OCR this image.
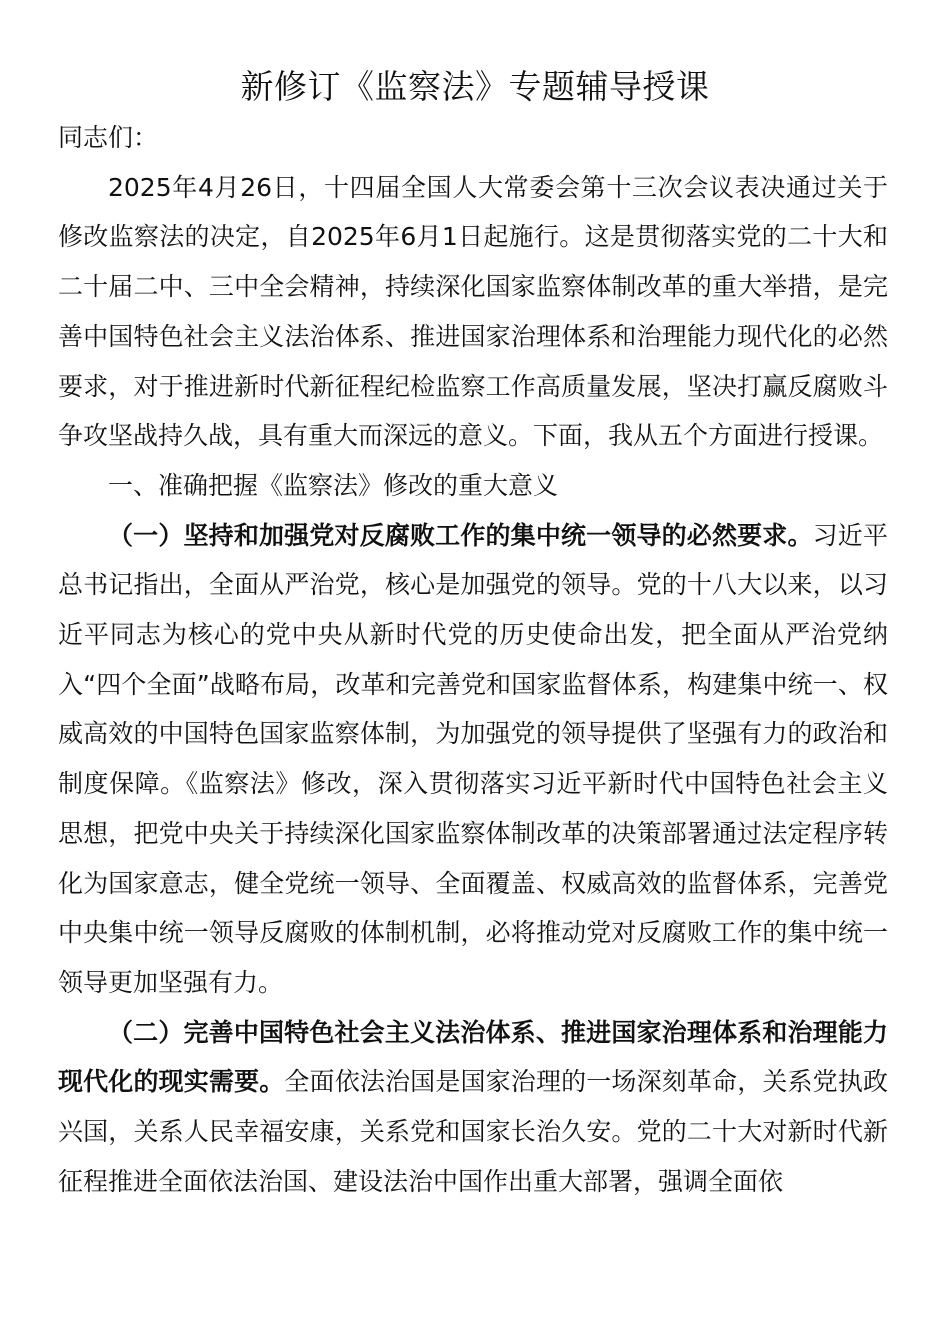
新修订《监察法》专题辅导授课

同志们：

2025年4月26日，十四届全国人大常委会第十三次会议表决通过关于修改监察法的决定，自2025年6月1日起施行。这是贯彻落实党的二十大和二十届二中、三中全会精神，持续深化国家监察体制改革的重大举措，是完善中国特色社会主义法治体系、推进国家治理体系和治理能力现代化的必然要求，对于推进新时代新征程纪检监察工作高质量发展，坚决打赢反腐败斗争攻坚战持久战，具有重大而深远的意义。下面，我从五个方面进行授课。

一、准确把握《监察法》修改的重大意义

（一）坚持和加强党对反腐败工作的集中统一领导的必然要求。习近平总书记指出，全面从严治党，核心是加强党的领导。党的十八大以来，以习近平同志为核心的党中央从新时代党的历史使命出发，把全面从严治党纳入“四个全面”战略布局，改革和完善党和国家监督体系，构建集中统一、权威高效的中国特色国家监察体制，为加强党的领导提供了坚强有力的政治和制度保障。《监察法》修改，深入贯彻落实习近平新时代中国特色社会主义思想，把党中央关于持续深化国家监察体制改革的决策部署通过法定程序转化为国家意志，健全党统一领导、全面覆盖、权威高效的监督体系，完善党中央集中统一领导反腐败的体制机制，必将推动党对反腐败工作的集中统一领导更加坚强有力。

（二）完善中国特色社会主义法治体系、推进国家治理体系和治理能力现代化的现实需要。全面依法治国是国家治理的一场深刻革命，关系党执政兴国，关系人民幸福安康，关系党和国家长治久安。党的二十大对新时代新征程推进全面依法治国、建设法治中国作出重大部署，强调全面依
